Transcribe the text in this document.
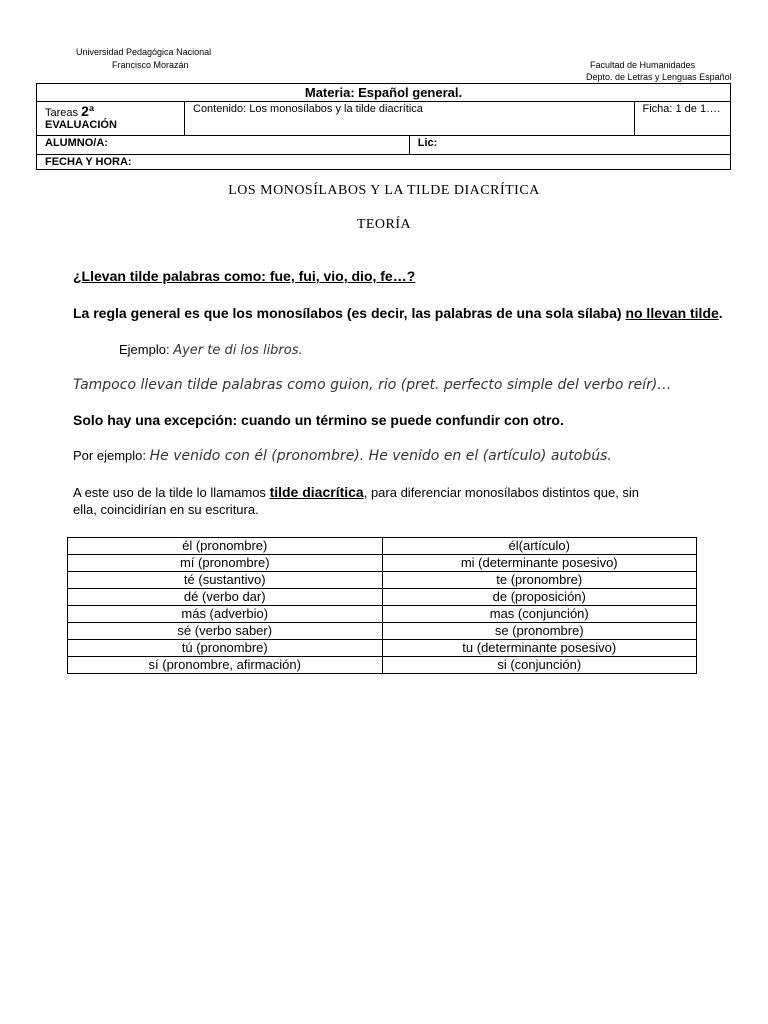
Universidad Pedagógica Nacional
Francisco Morazán	Facultad de Humanidades
Depto. de Letras y Lenguas Español
Materia: Español general.			
Tareas 2ª
EVALUACIÓN	Contenido: Los monosílabos y la tilde diacrítica		Ficha: 1 de 1….
ALUMNO/A:		Lic:	
FECHA Y HORA:			
LOS MONOSÍLABOS Y LA TILDE DIACRÍTICA
TEORÍA
¿Llevan tilde palabras como: fue, fui, vio, dio, fe…?
La regla general es que los monosílabos (es decir, las palabras de una sola sílaba) no llevan tilde.
Ejemplo: Ayer te di los libros.
Tampoco llevan tilde palabras como guion, rio (pret. perfecto simple del verbo reír)…
Solo hay una excepción: cuando un término se puede confundir con otro.
Por ejemplo: He venido con él (pronombre). He venido en el (artículo) autobús.
A este uso de la tilde lo llamamos tilde diacrítica, para diferenciar monosílabos distintos que, sin
ella, coincidirían en su escritura.
él (pronombre)	él(artículo)
mí (pronombre)	mi (determinante posesivo)
té (sustantivo)	te (pronombre)
dé (verbo dar)	de (proposición)
más (adverbio)	mas (conjunción)
sé (verbo saber)	se (pronombre)
tú (pronombre)	tu (determinante posesivo)
sí (pronombre, afirmación)	si (conjunción)
